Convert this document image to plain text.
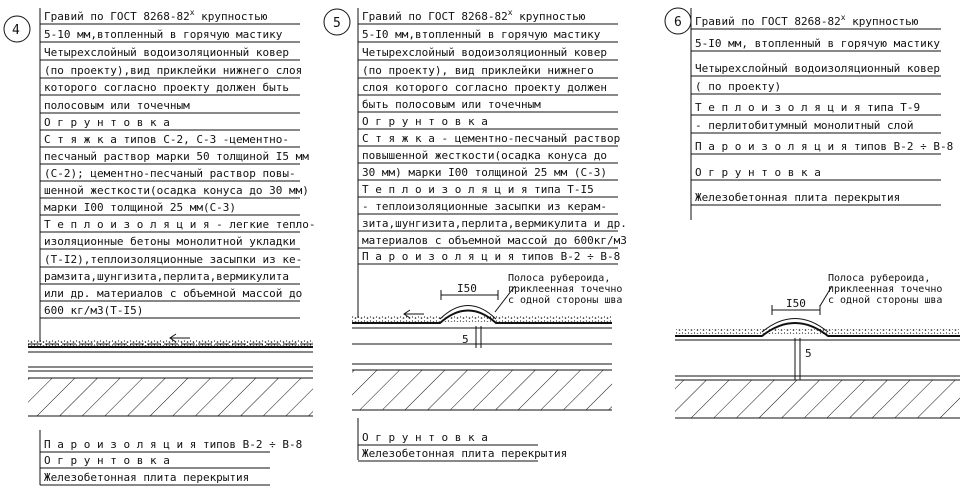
4
Гравий по ГОСТ 8268-82$^x$ крупностью
5-10 мм,втопленный в горячую мастику
Четырехслойный водоизоляционный ковер
(по проекту),вид приклейки нижнего слоя
которого согласно проекту должен быть
полосовым или точечным
О г р у н т о в к а
С т я ж к а типов С-2, С-3 -цементно-
песчаный раствор марки 50 толщиной I5 мм
(С-2); цементно-песчаный раствор повы-
шенной жесткости(осадка конуса до 30 мм)
марки I00 толщиной 25 мм(С-3)
Т е п л о и з о л я ц и я - легкие тепло-
изоляционные бетоны монолитной укладки
(Т-I2),теплоизоляционные засыпки из ке-
рамзита,шунгизита,перлита,вермикулита
или др. материалов с объемной массой до
600 кг/м3(Т-I5)
П а р о и з о л я ц и я типов В-2 ÷ В-8
О г р у н т о в к а
Железобетонная плита перекрытия
5 Гравий по ГОСТ 8268-82$^x$ крупностью
5-I0 мм,втопленный в горячую мастику
Четырехслойный водоизоляционный ковер
(по проекту), вид приклейки нижнего
слоя которого согласно проекту должен
быть полосовым или точечным
О г р у н т о в к а
С т я ж к а - цементно-песчаный раствор
повышенной жесткости(осадка конуса до
30 мм) марки I00 толщиной 25 мм (С-3)
Т е п л о и з о л я ц и я типа Т-I5
- теплоизоляционные засыпки из керам-
зита,шунгизита,перлита,вермикулита и др.
материалов с объемной массой до 600кг/м3
П а р о и з о л я ц и я типов В-2 ÷ В-8
О г р у н т о в к а
Железобетонная плита перекрытия
I50
5
Полоса рубероида,
приклеенная точечно
с одной стороны шва
6 Гравий по ГОСТ 8268-82$^x$ крупностью
5-I0 мм, втопленный в горячую мастику
Четырехслойный водоизоляционный ковер
( по проекту)
Т е п л о и з о л я ц и я типа Т-9
- перлитобитумный монолитный слой
П а р о и з о л я ц и я типов В-2 ÷ В-8
О г р у н т о в к а
Железобетонная плита перекрытия
I50
5
Полоса рубероида,
приклеенная точечно
с одной стороны шва
